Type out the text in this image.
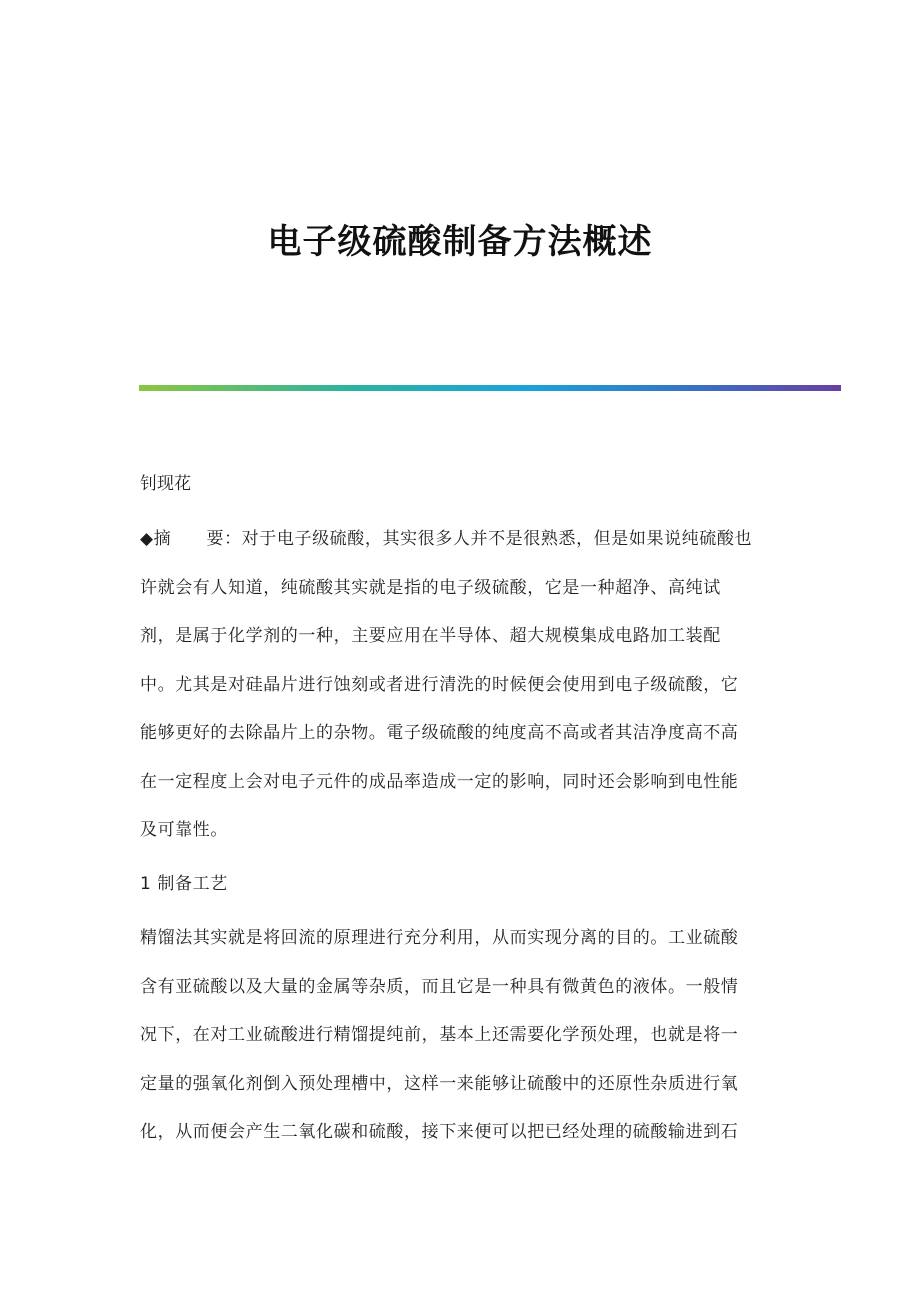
电子级硫酸制备方法概述

钊现花

◆摘　　要：对于电子级硫酸，其实很多人并不是很熟悉，但是如果说纯硫酸也
许就会有人知道，纯硫酸其实就是指的电子级硫酸，它是一种超净、高纯试
剂，是属于化学剂的一种，主要应用在半导体、超大规模集成电路加工装配
中。尤其是对硅晶片进行蚀刻或者进行清洗的时候便会使用到电子级硫酸，它
能够更好的去除晶片上的杂物。電子级硫酸的纯度高不高或者其洁净度高不高
在一定程度上会对电子元件的成品率造成一定的影响，同时还会影响到电性能
及可靠性。

1 制备工艺

精馏法其实就是将回流的原理进行充分利用，从而实现分离的目的。工业硫酸
含有亚硫酸以及大量的金属等杂质，而且它是一种具有微黄色的液体。一般情
况下，在对工业硫酸进行精馏提纯前，基本上还需要化学预处理，也就是将一
定量的强氧化剂倒入预处理槽中，这样一来能够让硫酸中的还原性杂质进行氧
化，从而便会产生二氧化碳和硫酸，接下来便可以把已经处理的硫酸输进到石
